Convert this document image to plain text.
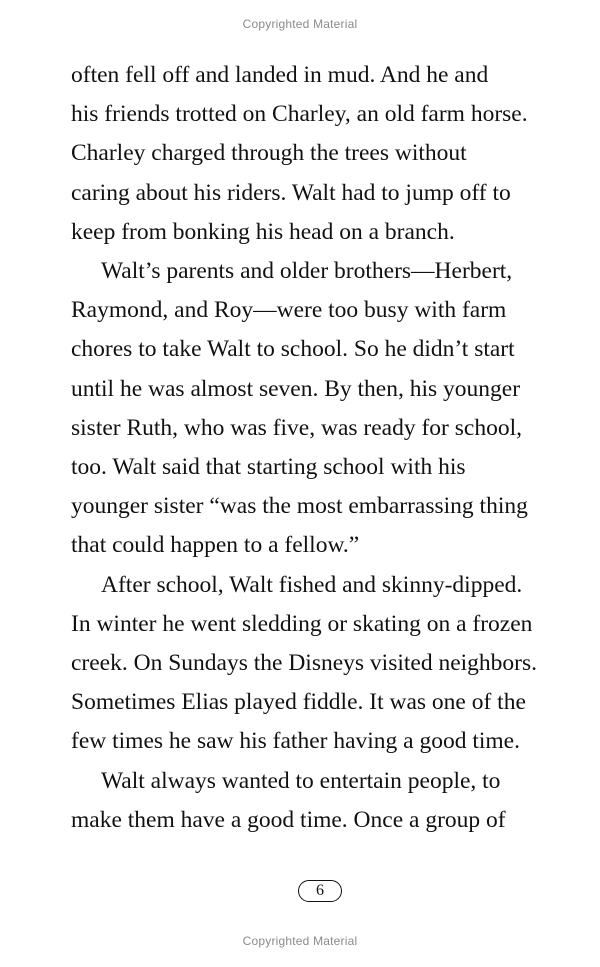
Copyrighted Material
often fell off and landed in mud. And he and
his friends trotted on Charley, an old farm horse.
Charley charged through the trees without
caring about his riders. Walt had to jump off to
keep from bonking his head on a branch.
Walt’s parents and older brothers—Herbert,
Raymond, and Roy—were too busy with farm
chores to take Walt to school. So he didn’t start
until he was almost seven. By then, his younger
sister Ruth, who was five, was ready for school,
too. Walt said that starting school with his
younger sister “was the most embarrassing thing
that could happen to a fellow.”
After school, Walt fished and skinny-dipped.
In winter he went sledding or skating on a frozen
creek. On Sundays the Disneys visited neighbors.
Sometimes Elias played fiddle. It was one of the
few times he saw his father having a good time.
Walt always wanted to entertain people, to
make them have a good time. Once a group of
6
Copyrighted Material
